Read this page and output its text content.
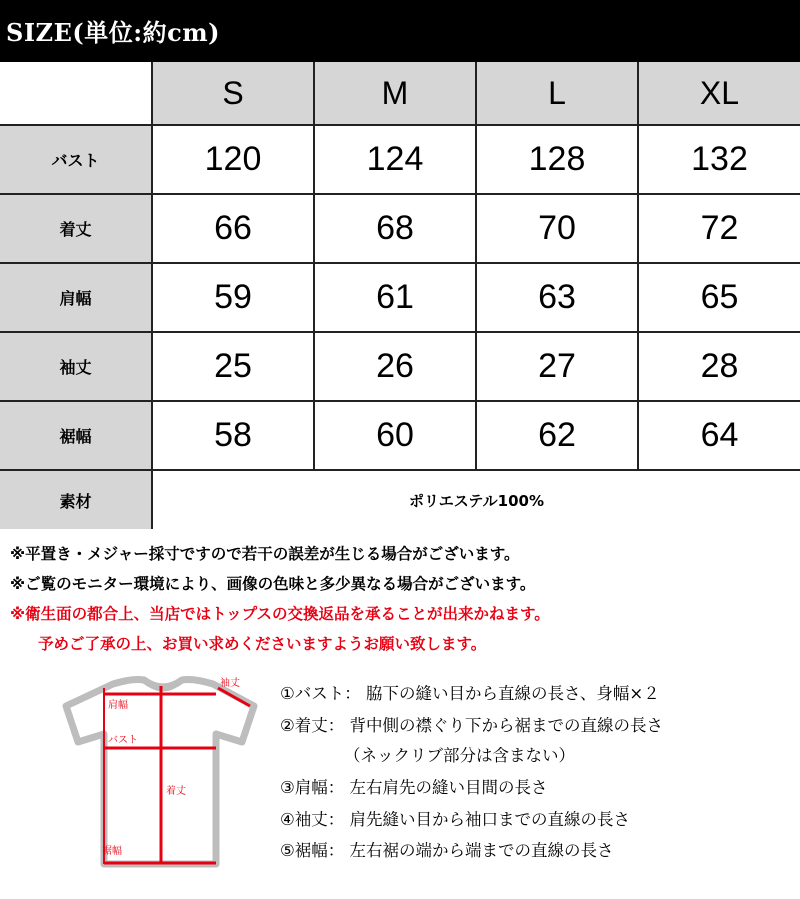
SIZE(単位:約cm)
S	M	L	XL
バスト	120	124	128	132
着丈	66	68	70	72
肩幅	59	61	63	65
袖丈	25	26	27	28
裾幅	58	60	62	64
素材	ポリエステル100%
※平置き・メジャー採寸ですので若干の誤差が生じる場合がございます。
※ご覧のモニター環境により、画像の色味と多少異なる場合がございます。
※衛生面の都合上、当店ではトップスの交換返品を承ることが出来かねます。
予めご了承の上、お買い求めくださいますようお願い致します。
袖丈
肩幅
バスト
着丈
裾幅
①バスト： 脇下の縫い目から直線の長さ、身幅×２
②着丈： 背中側の襟ぐり下から裾までの直線の長さ
（ネックリブ部分は含まない）
③肩幅： 左右肩先の縫い目間の長さ
④袖丈： 肩先縫い目から袖口までの直線の長さ
⑤裾幅： 左右裾の端から端までの直線の長さ
